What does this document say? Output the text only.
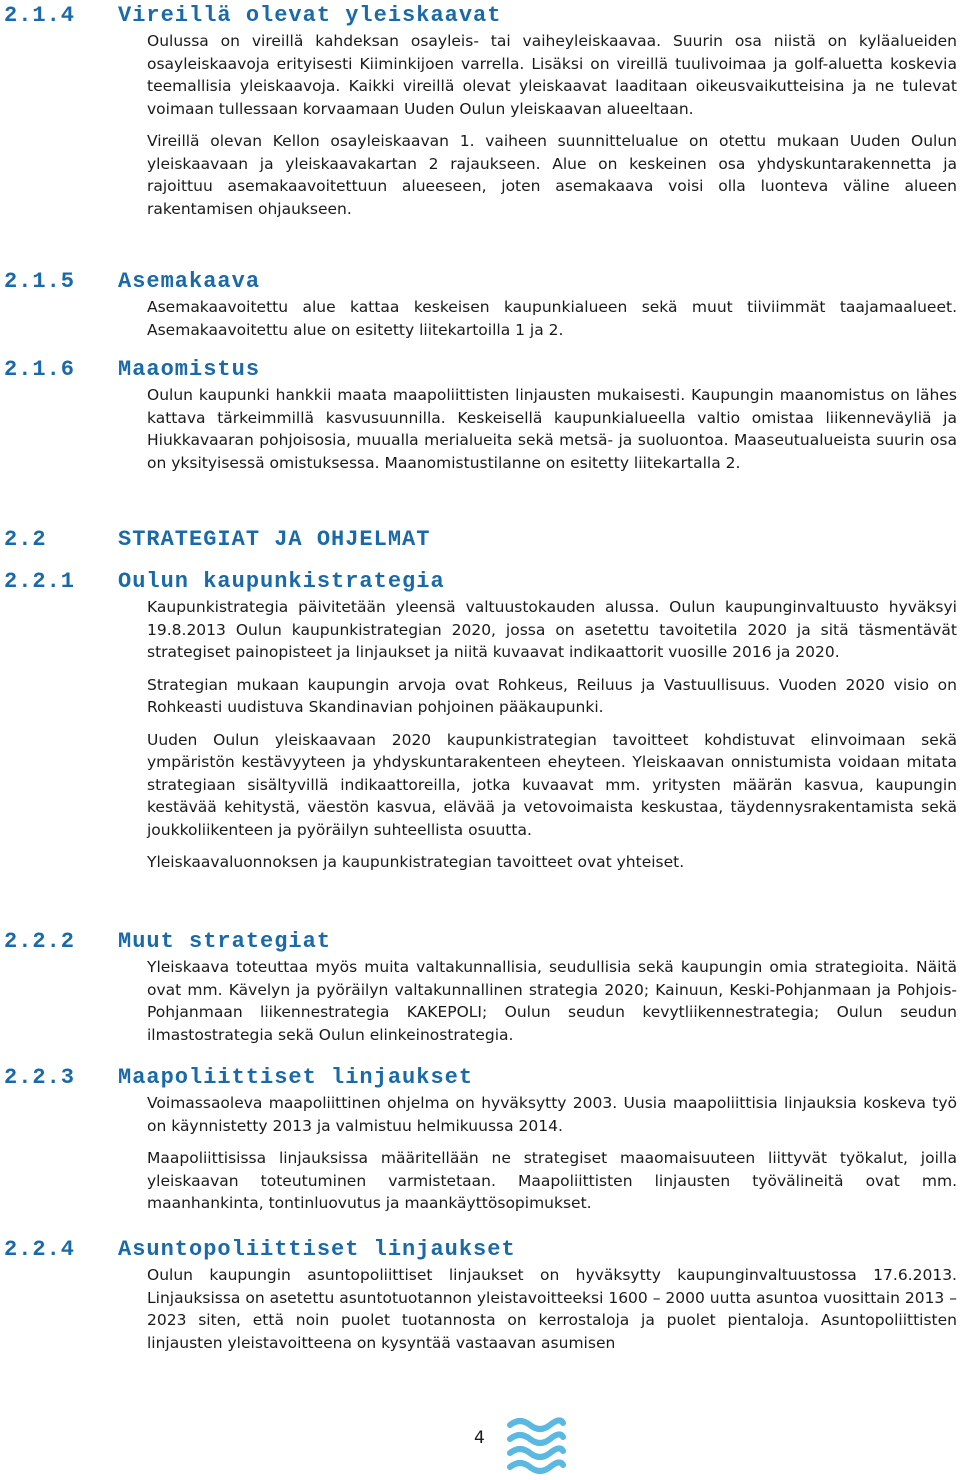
2.1.4 Vireillä olevat yleiskaavat

Oulussa on vireillä kahdeksan osayleis- tai vaiheyleiskaavaa. Suurin osa niistä on kyläalueiden osayleiskaavoja erityisesti Kiiminkijoen varrella. Lisäksi on vireillä tuulivoimaa ja golf-aluetta koskevia teemallisia yleiskaavoja. Kaikki vireillä olevat yleiskaavat laaditaan oikeusvaikutteisina ja ne tulevat voimaan tullessaan korvaamaan Uuden Oulun yleiskaavan alueeltaan.

Vireillä olevan Kellon osayleiskaavan 1. vaiheen suunnittelualue on otettu mukaan Uuden Oulun yleiskaavaan ja yleiskaavakartan 2 rajaukseen. Alue on keskeinen osa yhdyskuntarakennetta ja rajoittuu asemakaavoitettuun alueeseen, joten asemakaava voisi olla luonteva väline alueen rakentamisen ohjaukseen.

2.1.5 Asemakaava

Asemakaavoitettu alue kattaa keskeisen kaupunkialueen sekä muut tiiviimmät taajamaalueet. Asemakaavoitettu alue on esitetty liitekartoilla 1 ja 2.

2.1.6 Maaomistus

Oulun kaupunki hankkii maata maapoliittisten linjausten mukaisesti. Kaupungin maanomistus on lähes kattava tärkeimmillä kasvusuunnilla. Keskeisellä kaupunkialueella valtio omistaa liikenneväyliä ja Hiukkavaaran pohjoisosia, muualla merialueita sekä metsä- ja suoluontoa. Maaseutualueista suurin osa on yksityisessä omistuksessa. Maanomistustilanne on esitetty liitekartalla 2.

2.2	STRATEGIAT JA OHJELMAT
2.2.1 Oulun kaupunkistrategia

Kaupunkistrategia päivitetään yleensä valtuustokauden alussa. Oulun kaupunginvaltuusto hyväksyi 19.8.2013 Oulun kaupunkistrategian 2020, jossa on asetettu tavoitetila 2020 ja sitä täsmentävät strategiset painopisteet ja linjaukset ja niitä kuvaavat indikaattorit vuosille 2016 ja 2020.

Strategian mukaan kaupungin arvoja ovat Rohkeus, Reiluus ja Vastuullisuus. Vuoden 2020 visio on Rohkeasti uudistuva Skandinavian pohjoinen pääkaupunki.

Uuden Oulun yleiskaavaan 2020 kaupunkistrategian tavoitteet kohdistuvat elinvoimaan sekä ympäristön kestävyyteen ja yhdyskuntarakenteen eheyteen. Yleiskaavan onnistumista voidaan mitata strategiaan sisältyvillä indikaattoreilla, jotka kuvaavat mm. yritysten määrän kasvua, kaupungin kestävää kehitystä, väestön kasvua, elävää ja vetovoimaista keskustaa, täydennysrakentamista sekä joukkoliikenteen ja pyöräilyn suhteellista osuutta.

Yleiskaavaluonnoksen ja kaupunkistrategian tavoitteet ovat yhteiset.

2.2.2 Muut strategiat

Yleiskaava toteuttaa myös muita valtakunnallisia, seudullisia sekä kaupungin omia strategioita. Näitä ovat mm. Kävelyn ja pyöräilyn valtakunnallinen strategia 2020; Kainuun, Keski-Pohjanmaan ja Pohjois-Pohjanmaan liikennestrategia KAKEPOLI; Oulun seudun kevytliikennestrategia; Oulun seudun ilmastostrategia sekä Oulun elinkeinostrategia.

2.2.3 Maapoliittiset linjaukset

Voimassaoleva maapoliittinen ohjelma on hyväksytty 2003. Uusia maapoliittisia linjauksia koskeva työ on käynnistetty 2013 ja valmistuu helmikuussa 2014.

Maapoliittisissa linjauksissa määritellään ne strategiset maaomaisuuteen liittyvät työkalut, joilla yleiskaavan toteutuminen varmistetaan. Maapoliittisten linjausten työvälineitä ovat mm. maanhankinta, tontinluovutus ja maankäyttösopimukset.

2.2.4 Asuntopoliittiset linjaukset

Oulun kaupungin asuntopoliittiset linjaukset on hyväksytty kaupunginvaltuustossa 17.6.2013. Linjauksissa on asetettu asuntotuotannon yleistavoitteeksi 1600 – 2000 uutta asuntoa vuosittain 2013 – 2023 siten, että noin puolet tuotannosta on kerrostaloja ja puolet pientaloja. Asuntopoliittisten linjausten yleistavoitteena on kysyntää vastaavan asumisen

4
